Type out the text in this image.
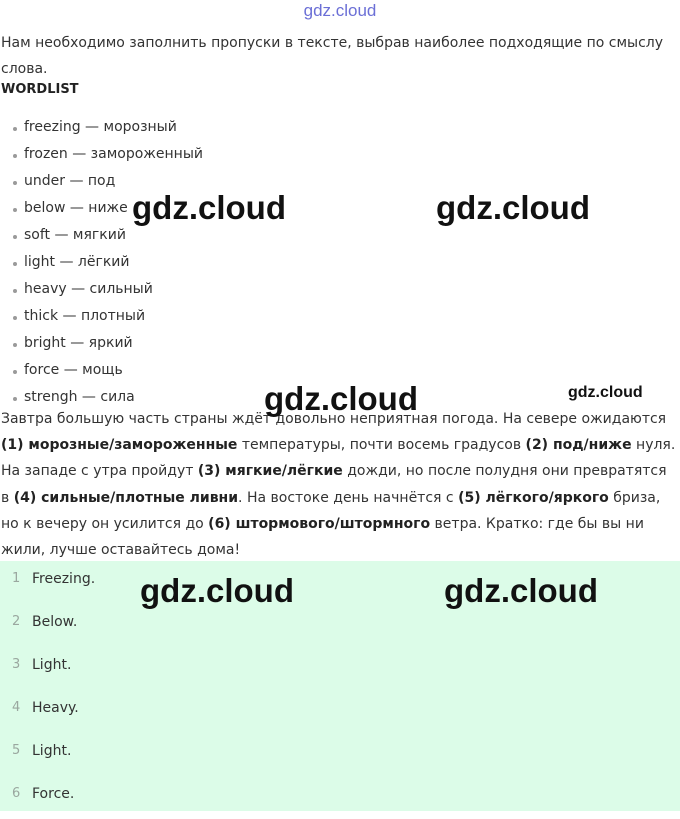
gdz.cloud

Нам необходимо заполнить пропуски в тексте, выбрав наиболее подходящие по смыслу слова.

WORDLIST

freezing — морозный
frozen — замороженный
under — под
below — ниже
soft — мягкий
light — лёгкий
heavy — сильный
thick — плотный
bright — яркий
force — мощь
strengh — сила

Завтра большую часть страны ждёт довольно неприятная погода. На севере ожидаются (1) морозные/замороженные температуры, почти восемь градусов (2) под/ниже нуля. На западе с утра пройдут (3) мягкие/лёгкие дожди, но после полудня они превратятся в (4) сильные/плотные ливни. На востоке день начнётся с (5) лёгкого/яркого бриза, но к вечеру он усилится до (6) штормового/штормного ветра. Кратко: где бы вы ни жили, лучше оставайтесь дома!

1 Freezing.
2 Below.
3 Light.
4 Heavy.
5 Light.
6 Force.
gdz.cloud	gdz.cloud
gdz.cloud	gdz.cloud
gdz.cloud	gdz.cloud
